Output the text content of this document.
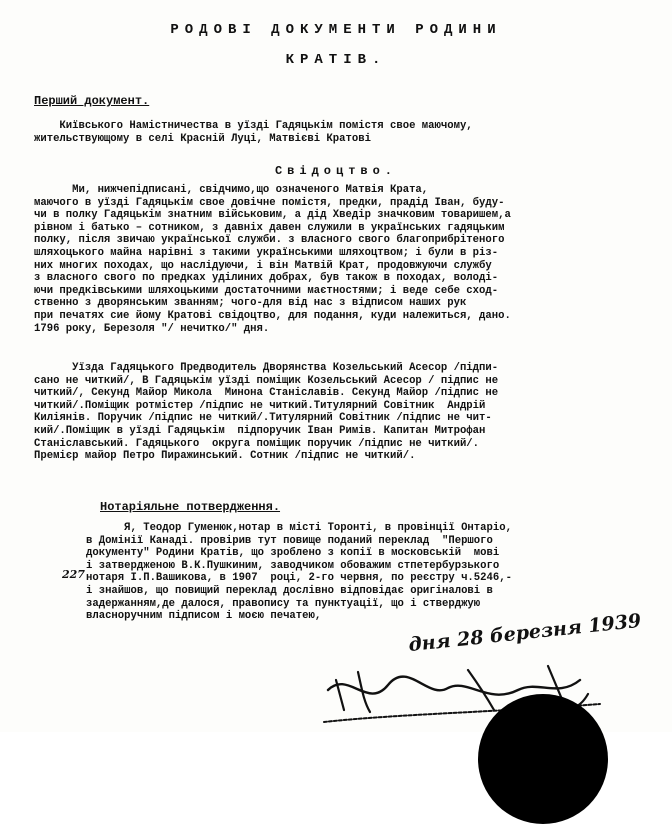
РОДОВІ ДОКУМЕНТИ РОДИНИ
КРАТІВ.
Перший документ.
Київського Намістничества в уїзді Гадяцькім помістя свое маючому,
жительствующому в селі Красній Луці, Матвієві Кратові
Свідоцтво.
Ми, нижчепідписані, свідчимо,що означеного Матвія Крата,
маючого в уїзді Гадяцькім свое довічне помістя, предки, прадід Іван, буду-
чи в полку Гадяцькім знатним військовим, а дід Хведір значковим товаришем,а
рівном і батько – сотником, з давніх давен служили в українських гадяцьким
полку, після звичаю української служби. з власного свого благоприбрітеного
шляхоцького майна нарівні з такими українськими шляхоцтвом; і були в різ-
них многих походах, що наслідуючи, і він Матвій Крат, продовжуючи службу
з власного свого по предках уділиних добрах, був також в походах, володі-
ючи предківськими шляхоцькими достаточними маєтностями; і веде себе сход-
ственно з дворянським званням; чого-для від нас з відписом наших рук
при печатях сие йому Кратові свідоцтво, для подання, куди належиться, дано.
1796 року, Березоля "/ нечитко/" дня.
Уїзда Гадяцького Предводитель Дворянства Козельський Асесор /підпи-
сано не читкий/, В Гадяцькім уїзді поміщик Козельський Асесор / підпис не
читкий/, Секунд Майор Микола  Минона Станіславів. Секунд Майор /підпис не
читкий/.Поміщик ротмістер /підпис не читкий.Титулярний Совітник  Андрій
Киліянів. Поручик /підпис не читкий/.Титулярний Совітник /підпис не чит-
кий/.Поміщик в уїзді Гадяцькім  підпоручик Іван Римів. Капитан Митрофан
Станіславський. Гадяцького  округа поміщик поручик /підпис не читкий/.
Премієр майор Петро Пиражинський. Сотник /підпис не читкий/.
Нотаріяльне потвердження.
227
Я, Теодор Гуменюк,нотар в місті Торонті, в провінції Онтаріо,
в Домінії Канаді. провірив тут повище поданий переклад  "Першого
документу" Родини Кратів, що зроблено з копії в московській  мові
і затвердженою В.К.Пушкиним, заводчиком обоважим стпетербурзького
нотаря І.П.Вашикова, в 1907  році, 2-го червня, по реєстру ч.5246,-
і знайшов, що повищий переклад дослівно відповідає оригіналові в
задержанням,де далося, правопису та пунктуації, що і стверджую
власноручним підписом і моєю печатею,	дня 28 березня 1939
